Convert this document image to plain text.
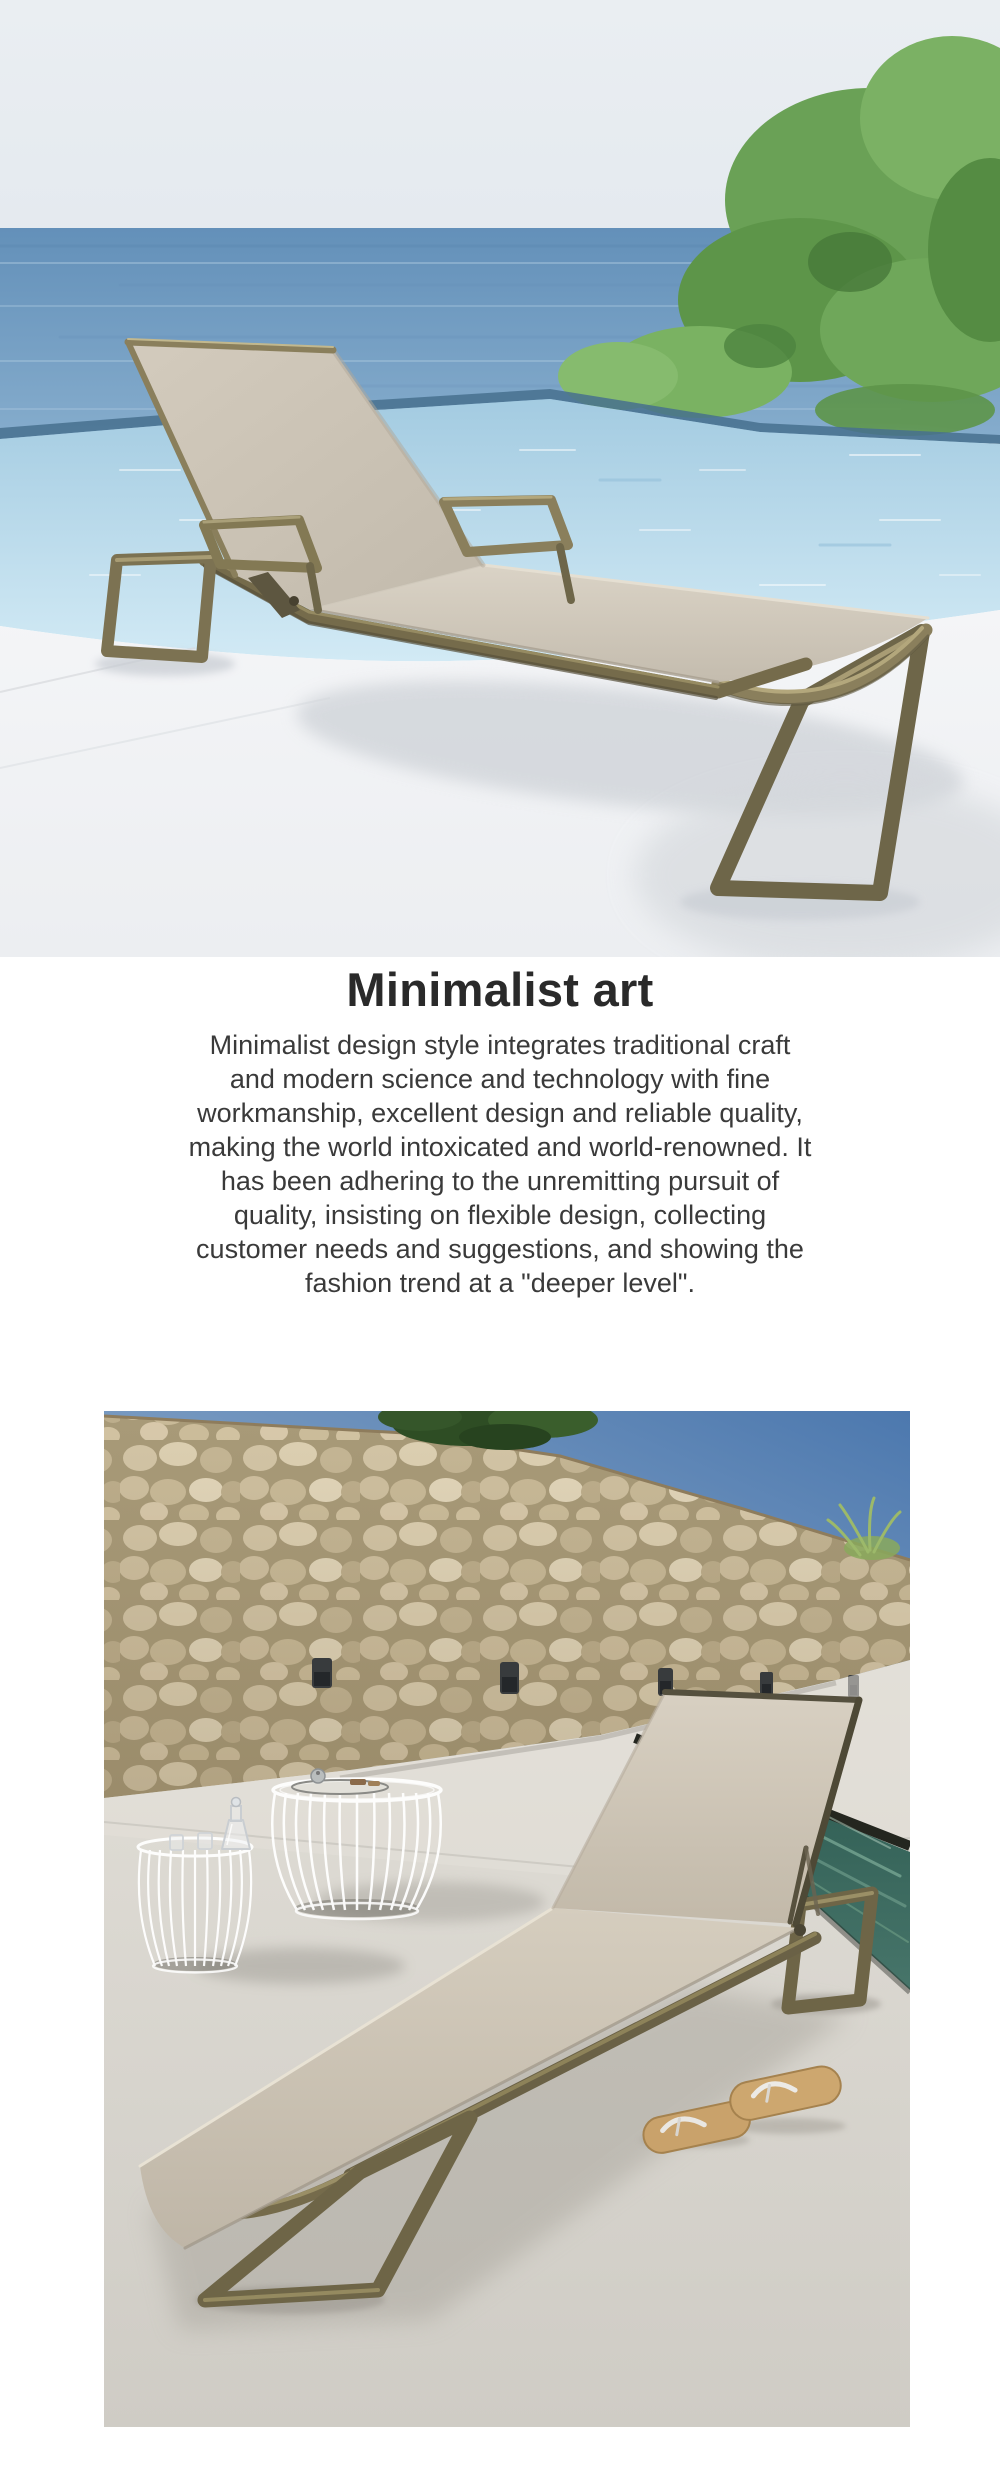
Minimalist art

Minimalist design style integrates traditional craft and modern science and technology with fine workmanship, excellent design and reliable quality, making the world intoxicated and world-renowned. It has been adhering to the unremitting pursuit of quality, insisting on flexible design, collecting customer needs and suggestions, and showing the fashion trend at a "deeper level".
